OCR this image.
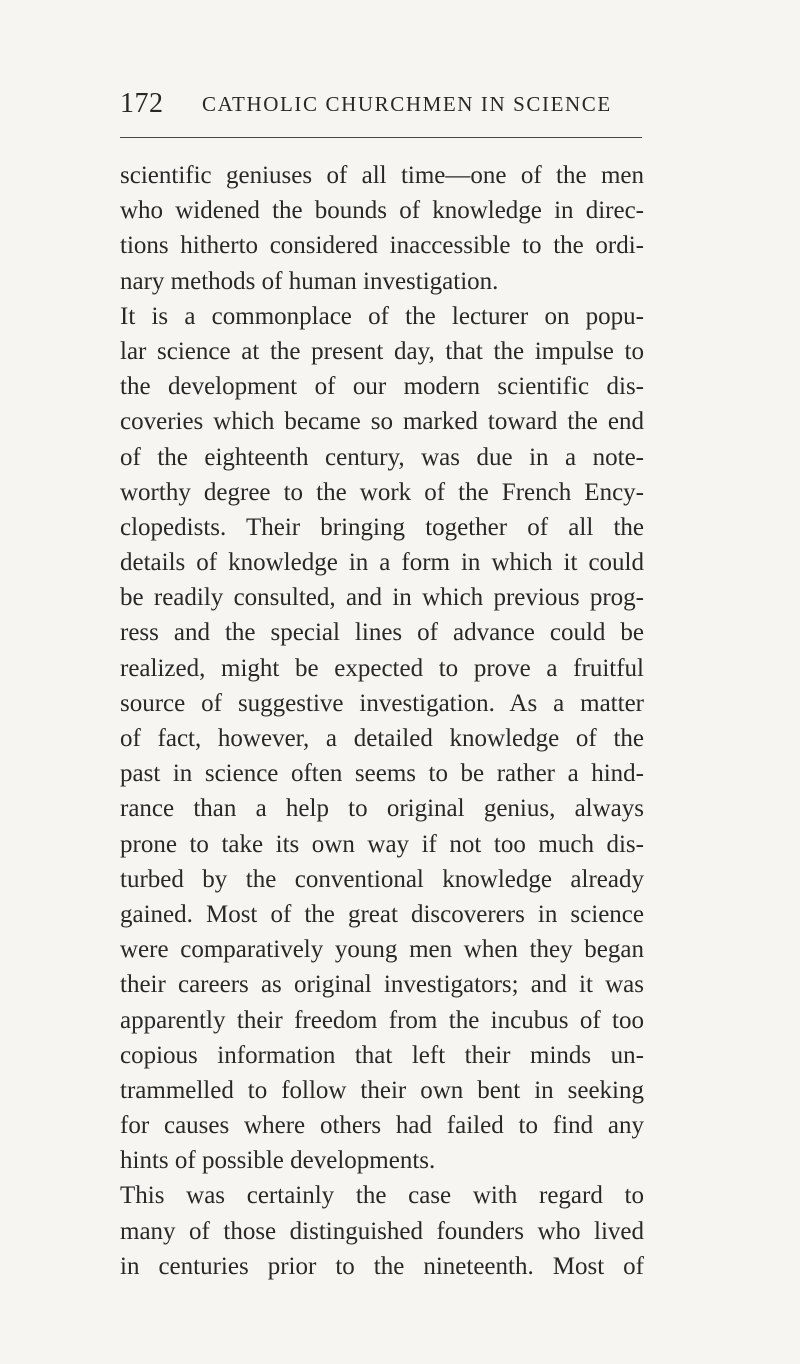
172 CATHOLIC CHURCHMEN IN SCIENCE
scientific geniuses of all time—one of the men
who widened the bounds of knowledge in direc-
tions hitherto considered inaccessible to the ordi-
nary methods of human investigation.
It is a commonplace of the lecturer on popu-
lar science at the present day, that the impulse to
the development of our modern scientific dis-
coveries which became so marked toward the end
of the eighteenth century, was due in a note-
worthy degree to the work of the French Ency-
clopedists. Their bringing together of all the
details of knowledge in a form in which it could
be readily consulted, and in which previous prog-
ress and the special lines of advance could be
realized, might be expected to prove a fruitful
source of suggestive investigation. As a matter
of fact, however, a detailed knowledge of the
past in science often seems to be rather a hind-
rance than a help to original genius, always
prone to take its own way if not too much dis-
turbed by the conventional knowledge already
gained. Most of the great discoverers in science
were comparatively young men when they began
their careers as original investigators; and it was
apparently their freedom from the incubus of too
copious information that left their minds un-
trammelled to follow their own bent in seeking
for causes where others had failed to find any
hints of possible developments.
This was certainly the case with regard to
many of those distinguished founders who lived
in centuries prior to the nineteenth. Most of
